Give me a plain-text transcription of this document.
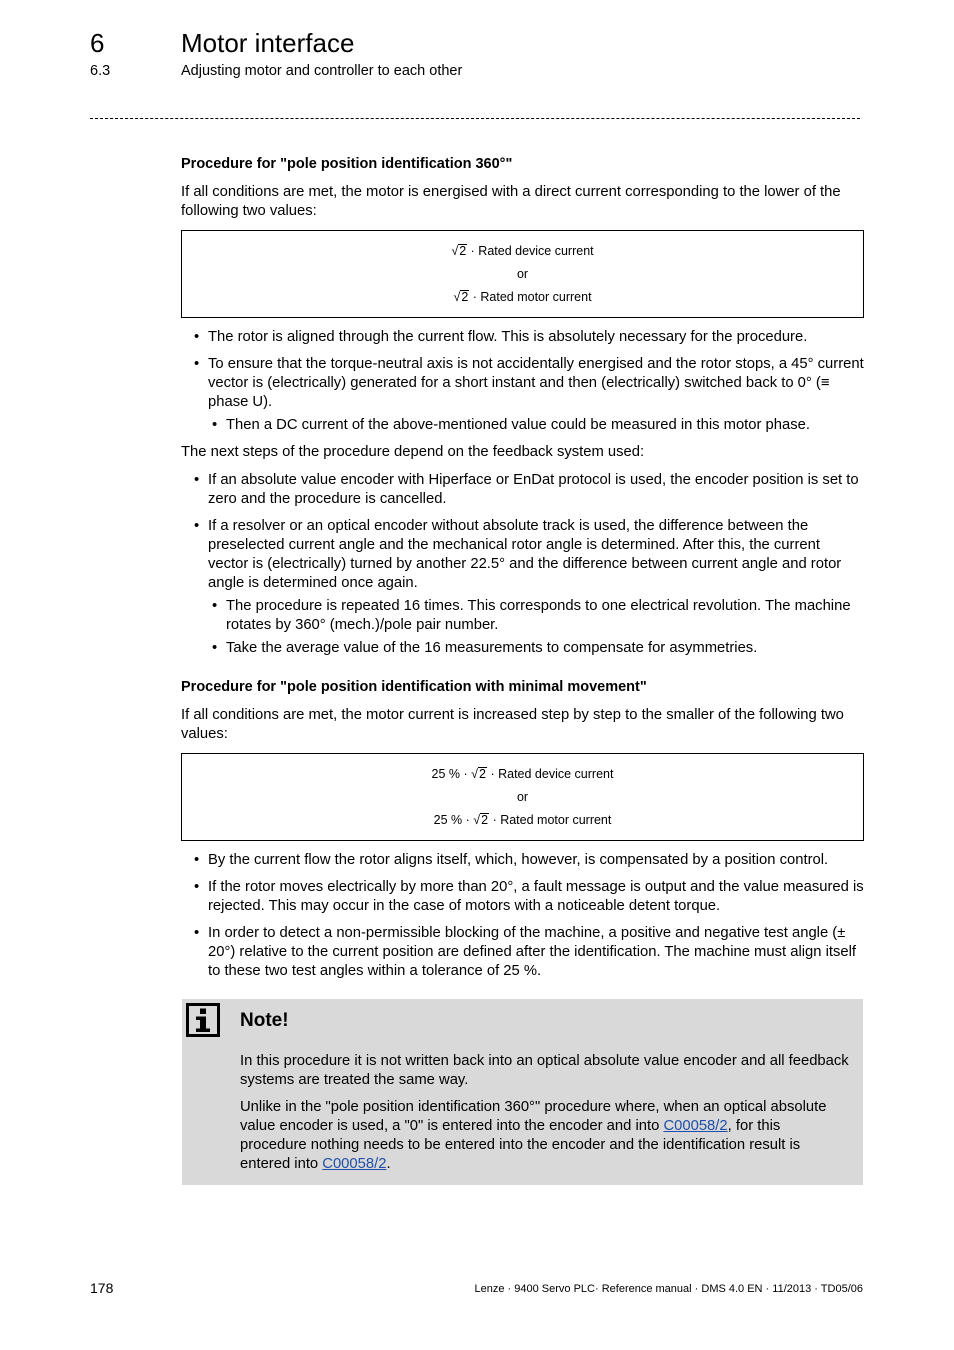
6	Motor interface
6.3	Adjusting motor and controller to each other
Procedure for "pole position identification 360°"

If all conditions are met, the motor is energised with a direct current corresponding to the lower of the following two values:

√2 · Rated device current
or
√2 · Rated motor current
• The rotor is aligned through the current flow. This is absolutely necessary for the procedure.
• To ensure that the torque-neutral axis is not accidentally energised and the rotor stops, a 45° current vector is (electrically) generated for a short instant and then (electrically) switched back to 0° (≡ phase U).
• Then a DC current of the above-mentioned value could be measured in this motor phase.

The next steps of the procedure depend on the feedback system used:

• If an absolute value encoder with Hiperface or EnDat protocol is used, the encoder position is set to zero and the procedure is cancelled.
• If a resolver or an optical encoder without absolute track is used, the difference between the preselected current angle and the mechanical rotor angle is determined. After this, the current vector is (electrically) turned by another 22.5° and the difference between current angle and rotor angle is determined once again.
• The procedure is repeated 16 times. This corresponds to one electrical revolution. The machine rotates by 360° (mech.)/pole pair number.
• Take the average value of the 16 measurements to compensate for asymmetries.
Procedure for "pole position identification with minimal movement"

If all conditions are met, the motor current is increased step by step to the smaller of the following two values:

25 % · √2 · Rated device current
or
25 % · √2 · Rated motor current
• By the current flow the rotor aligns itself, which, however, is compensated by a position control.
• If the rotor moves electrically by more than 20°, a fault message is output and the value measured is rejected. This may occur in the case of motors with a noticeable detent torque.
• In order to detect a non-permissible blocking of the machine, a positive and negative test angle (± 20°) relative to the current position are defined after the identification. The machine must align itself to these two test angles within a tolerance of 25 %.
Note!

In this procedure it is not written back into an optical absolute value encoder and all feedback systems are treated the same way.

Unlike in the "pole position identification 360°" procedure where, when an optical absolute value encoder is used, a "0" is entered into the encoder and into C00058/2, for this procedure nothing needs to be entered into the encoder and the identification result is entered into C00058/2.

178	Lenze · 9400 Servo PLC· Reference manual · DMS 4.0 EN · 11/2013 · TD05/06
